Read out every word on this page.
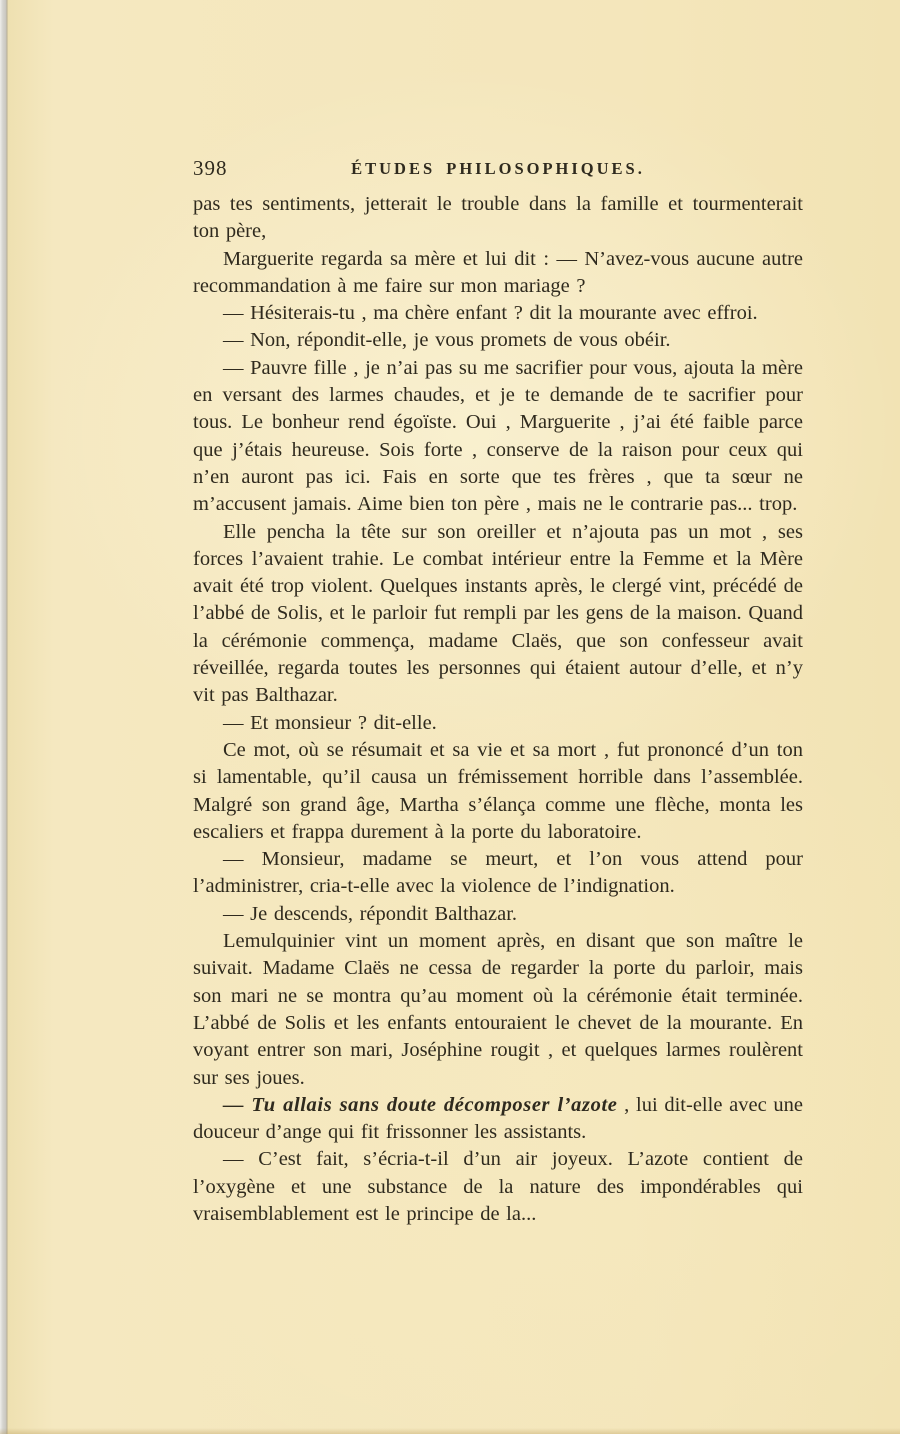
398	ÉTUDES PHILOSOPHIQUES.

pas tes sentiments, jetterait le trouble dans la famille et tourmenterait ton père,

Marguerite regarda sa mère et lui dit : — N’avez-vous aucune autre recommandation à me faire sur mon mariage ?

— Hésiterais-tu , ma chère enfant ? dit la mourante avec effroi.

— Non, répondit-elle, je vous promets de vous obéir.

— Pauvre fille , je n’ai pas su me sacrifier pour vous, ajouta la mère en versant des larmes chaudes, et je te demande de te sacrifier pour tous. Le bonheur rend égoïste. Oui , Marguerite , j’ai été faible parce que j’étais heureuse. Sois forte , conserve de la raison pour ceux qui n’en auront pas ici. Fais en sorte que tes frères , que ta sœur ne m’accusent jamais. Aime bien ton père , mais ne le contrarie pas... trop.

Elle pencha la tête sur son oreiller et n’ajouta pas un mot , ses forces l’avaient trahie. Le combat intérieur entre la Femme et la Mère avait été trop violent. Quelques instants après, le clergé vint, précédé de l’abbé de Solis, et le parloir fut rempli par les gens de la maison. Quand la cérémonie commença, madame Claës, que son confesseur avait réveillée, regarda toutes les personnes qui étaient autour d’elle, et n’y vit pas Balthazar.

— Et monsieur ? dit-elle.

Ce mot, où se résumait et sa vie et sa mort , fut prononcé d’un ton si lamentable, qu’il causa un frémissement horrible dans l’assemblée. Malgré son grand âge, Martha s’élança comme une flèche, monta les escaliers et frappa durement à la porte du laboratoire.

— Monsieur, madame se meurt, et l’on vous attend pour l’administrer, cria-t-elle avec la violence de l’indignation.

— Je descends, répondit Balthazar.

Lemulquinier vint un moment après, en disant que son maître le suivait. Madame Claës ne cessa de regarder la porte du parloir, mais son mari ne se montra qu’au moment où la cérémonie était terminée. L’abbé de Solis et les enfants entouraient le chevet de la mourante. En voyant entrer son mari, Joséphine rougit , et quelques larmes roulèrent sur ses joues.

— Tu allais sans doute décomposer l’azote , lui dit-elle avec une douceur d’ange qui fit frissonner les assistants.

— C’est fait, s’écria-t-il d’un air joyeux. L’azote contient de l’oxygène et une substance de la nature des impondérables qui vraisemblablement est le principe de la...
